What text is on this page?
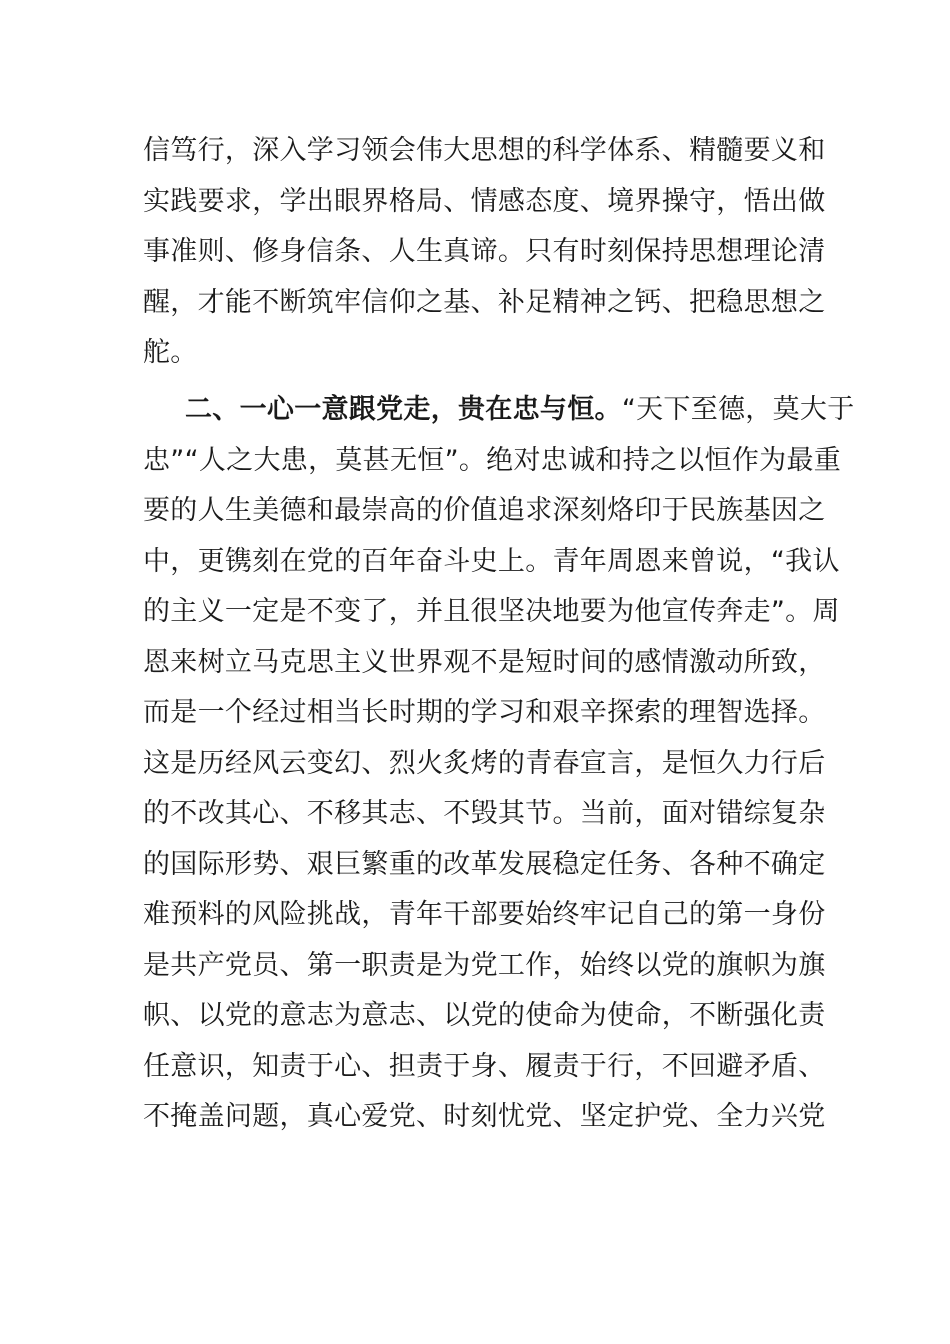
信笃行，深入学习领会伟大思想的科学体系、精髓要义和
实践要求，学出眼界格局、情感态度、境界操守，悟出做
事准则、修身信条、人生真谛。只有时刻保持思想理论清
醒，才能不断筑牢信仰之基、补足精神之钙、把稳思想之
舵。
二、一心一意跟党走，贵在忠与恒。“天下至德，莫大于
忠”“人之大患，莫甚无恒”。绝对忠诚和持之以恒作为最重
要的人生美德和最崇高的价值追求深刻烙印于民族基因之
中，更镌刻在党的百年奋斗史上。青年周恩来曾说，“我认
的主义一定是不变了，并且很坚决地要为他宣传奔走”。周
恩来树立马克思主义世界观不是短时间的感情激动所致，
而是一个经过相当长时期的学习和艰辛探索的理智选择。
这是历经风云变幻、烈火炙烤的青春宣言，是恒久力行后
的不改其心、不移其志、不毁其节。当前，面对错综复杂
的国际形势、艰巨繁重的改革发展稳定任务、各种不确定
难预料的风险挑战，青年干部要始终牢记自己的第一身份
是共产党员、第一职责是为党工作，始终以党的旗帜为旗
帜、以党的意志为意志、以党的使命为使命，不断强化责
任意识，知责于心、担责于身、履责于行，不回避矛盾、
不掩盖问题，真心爱党、时刻忧党、坚定护党、全力兴党
